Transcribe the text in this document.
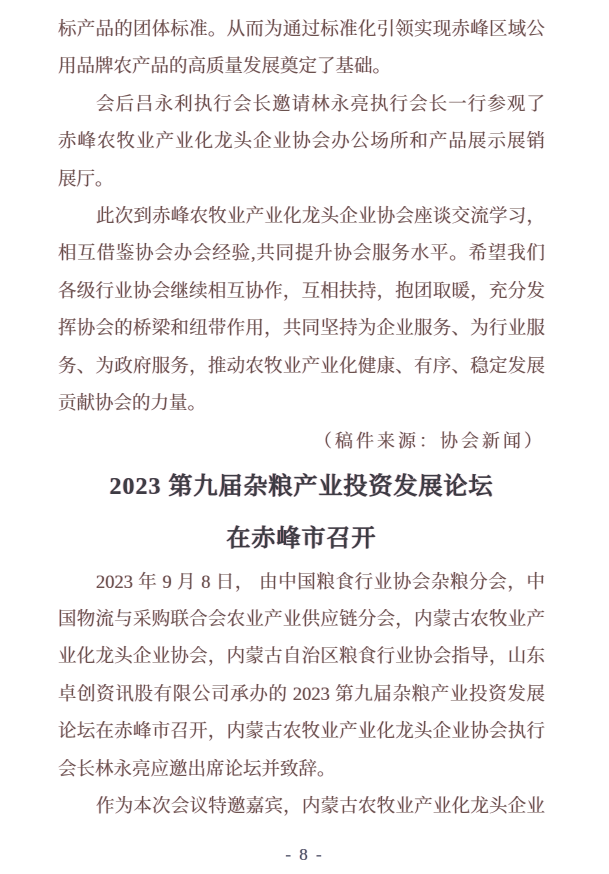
标产品的团体标准。从而为通过标准化引领实现赤峰区域公
用品牌农产品的高质量发展奠定了基础。
会后吕永利执行会长邀请林永亮执行会长一行参观了
赤峰农牧业产业化龙头企业协会办公场所和产品展示展销
展厅。
此次到赤峰农牧业产业化龙头企业协会座谈交流学习，
相互借鉴协会办会经验,共同提升协会服务水平。希望我们
各级行业协会继续相互协作，互相扶持，抱团取暖，充分发
挥协会的桥梁和纽带作用，共同坚持为企业服务、为行业服
务、为政府服务，推动农牧业产业化健康、有序、稳定发展
贡献协会的力量。
（稿件来源：协会新闻）
2023 第九届杂粮产业投资发展论坛
在赤峰市召开
2023 年 9 月 8 日， 由中国粮食行业协会杂粮分会，中
国物流与采购联合会农业产业供应链分会，内蒙古农牧业产
业化龙头企业协会，内蒙古自治区粮食行业协会指导，山东
卓创资讯股有限公司承办的 2023 第九届杂粮产业投资发展
论坛在赤峰市召开，内蒙古农牧业产业化龙头企业协会执行
会长林永亮应邀出席论坛并致辞。
作为本次会议特邀嘉宾，内蒙古农牧业产业化龙头企业
- 8 -
